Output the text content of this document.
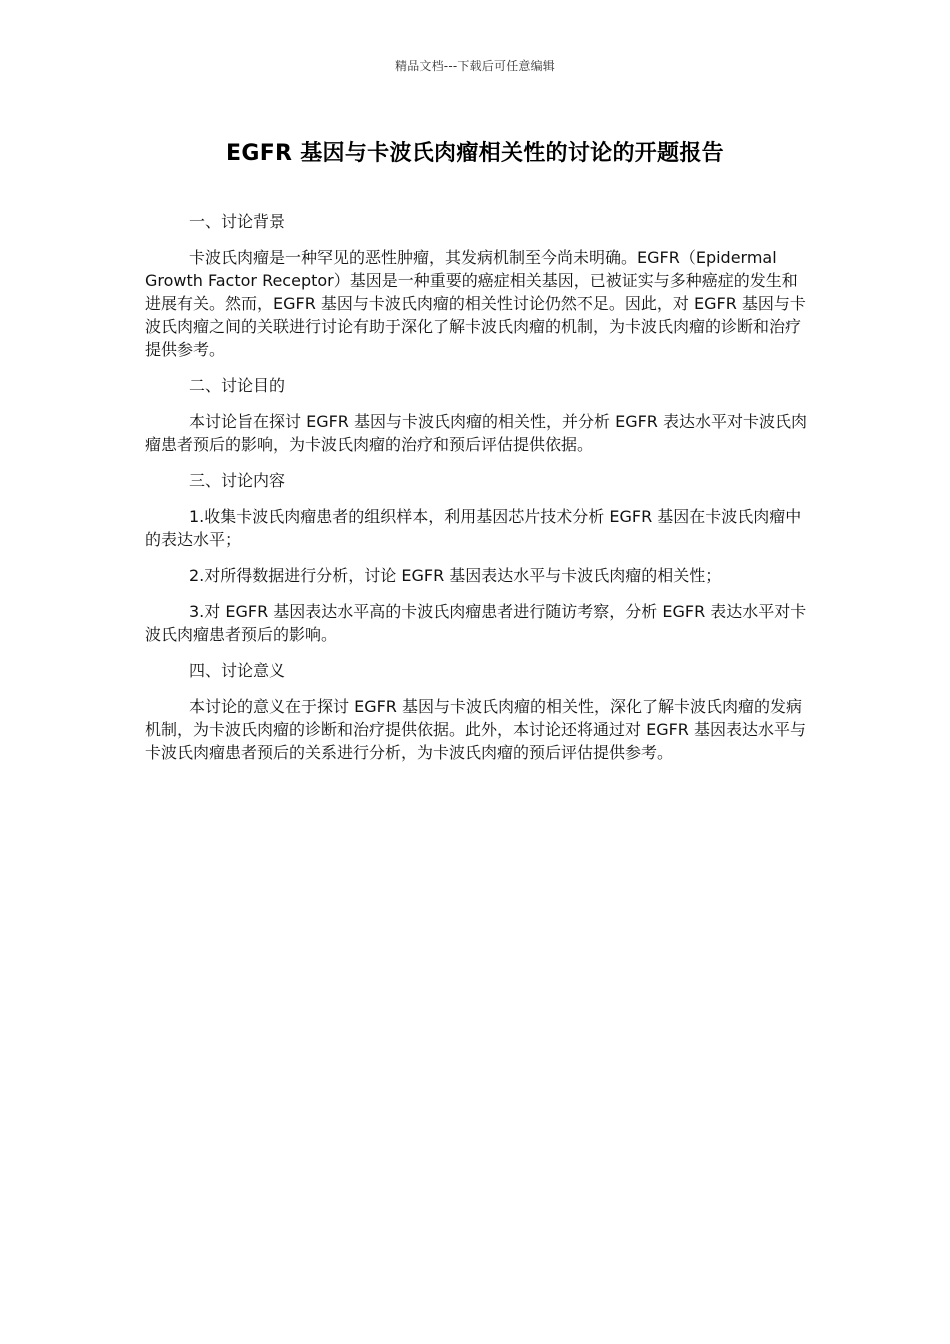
精品文档---下载后可任意编辑
EGFR 基因与卡波氏肉瘤相关性的讨论的开题报告
一、讨论背景

卡波氏肉瘤是一种罕见的恶性肿瘤，其发病机制至今尚未明确。EGFR（Epidermal Growth Factor Receptor）基因是一种重要的癌症相关基因，已被证实与多种癌症的发生和进展有关。然而，EGFR 基因与卡波氏肉瘤的相关性讨论仍然不足。因此，对 EGFR 基因与卡波氏肉瘤之间的关联进行讨论有助于深化了解卡波氏肉瘤的机制，为卡波氏肉瘤的诊断和治疗提供参考。

二、讨论目的

本讨论旨在探讨 EGFR 基因与卡波氏肉瘤的相关性，并分析 EGFR 表达水平对卡波氏肉瘤患者预后的影响，为卡波氏肉瘤的治疗和预后评估提供依据。

三、讨论内容

1.收集卡波氏肉瘤患者的组织样本，利用基因芯片技术分析 EGFR 基因在卡波氏肉瘤中的表达水平；

2.对所得数据进行分析，讨论 EGFR 基因表达水平与卡波氏肉瘤的相关性；

3.对 EGFR 基因表达水平高的卡波氏肉瘤患者进行随访考察，分析 EGFR 表达水平对卡波氏肉瘤患者预后的影响。

四、讨论意义

本讨论的意义在于探讨 EGFR 基因与卡波氏肉瘤的相关性，深化了解卡波氏肉瘤的发病机制，为卡波氏肉瘤的诊断和治疗提供依据。此外，本讨论还将通过对 EGFR 基因表达水平与卡波氏肉瘤患者预后的关系进行分析，为卡波氏肉瘤的预后评估提供参考。
